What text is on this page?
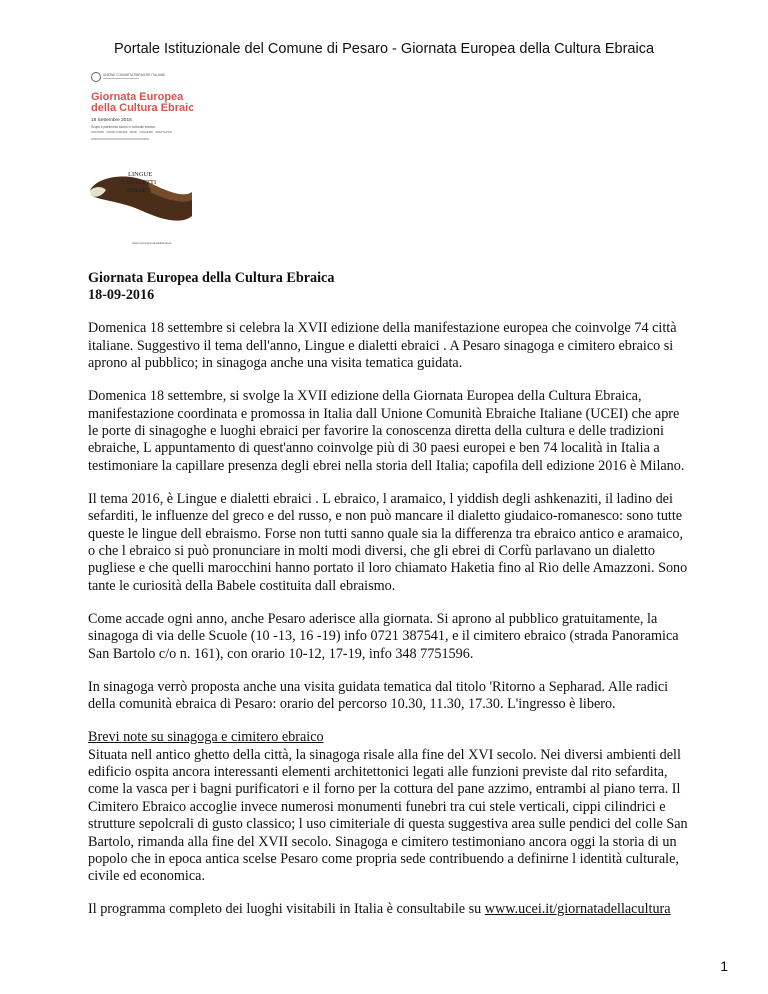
Portale Istituzionale del Comune di Pesaro - Giornata Europea della Cultura Ebraica
UNIONE COMUNITÀ EBRAICHE ITALIANE
Giornata Europea
della Cultura Ebraica
18 Settembre 2016
Scopri il patrimonio storico e culturale ebraico
INCONTRI · VISITE GUIDATE · ARTE · CONCERTI · SPETTACOLI
LINGUE
E DIALETTI
EBRAICI
www.ucei.it/giornatadellacultura
Giornata Europea della Cultura Ebraica
18-09-2016

Domenica 18 settembre si celebra la XVII edizione della manifestazione europea che coinvolge 74 città italiane. Suggestivo il tema dell'anno, Lingue e dialetti ebraici . A Pesaro sinagoga e cimitero ebraico si aprono al pubblico; in sinagoga anche una visita tematica guidata.

Domenica 18 settembre, si svolge la XVII edizione della Giornata Europea della Cultura Ebraica, manifestazione coordinata e promossa in Italia dall Unione Comunità Ebraiche Italiane (UCEI) che apre le porte di sinagoghe e luoghi ebraici per favorire la conoscenza diretta della cultura e delle tradizioni ebraiche, L appuntamento di quest'anno coinvolge più di 30 paesi europei e ben 74 località in Italia a testimoniare la capillare presenza degli ebrei nella storia dell Italia; capofila dell edizione 2016 è Milano.

Il tema 2016, è Lingue e dialetti ebraici . L ebraico, l aramaico, l yiddish degli ashkenaziti, il ladino dei sefarditi, le influenze del greco e del russo, e non può mancare il dialetto giudaico-romanesco: sono tutte queste le lingue dell ebraismo. Forse non tutti sanno quale sia la differenza tra ebraico antico e aramaico, o che l ebraico si può pronunciare in molti modi diversi, che gli ebrei di Corfù parlavano un dialetto pugliese e che quelli marocchini hanno portato il loro chiamato Haketia fino al Rio delle Amazzoni. Sono tante le curiosità della Babele costituita dall ebraismo.

Come accade ogni anno, anche Pesaro aderisce alla giornata. Si aprono al pubblico gratuitamente, la sinagoga di via delle Scuole (10 -13, 16 -19) info 0721 387541, e il cimitero ebraico (strada Panoramica San Bartolo c/o n. 161), con orario 10-12, 17-19, info 348 7751596.

In sinagoga verrò proposta anche una visita guidata tematica dal titolo 'Ritorno a Sepharad. Alle radici della comunità ebraica di Pesaro: orario del percorso 10.30, 11.30, 17.30. L'ingresso è libero.

Brevi note su sinagoga e cimitero ebraico
Situata nell antico ghetto della città, la sinagoga risale alla fine del XVI secolo. Nei diversi ambienti dell edificio ospita ancora interessanti elementi architettonici legati alle funzioni previste dal rito sefardita, come la vasca per i bagni purificatori e il forno per la cottura del pane azzimo, entrambi al piano terra. Il Cimitero Ebraico accoglie invece numerosi monumenti funebri tra cui stele verticali, cippi cilindrici e strutture sepolcrali di gusto classico; l uso cimiteriale di questa suggestiva area sulle pendici del colle San Bartolo, rimanda alla fine del XVII secolo. Sinagoga e cimitero testimoniano ancora oggi la storia di un popolo che in epoca antica scelse Pesaro come propria sede contribuendo a definirne l identità culturale, civile ed economica.

Il programma completo dei luoghi visitabili in Italia è consultabile su www.ucei.it/giornatadellacultura

1
